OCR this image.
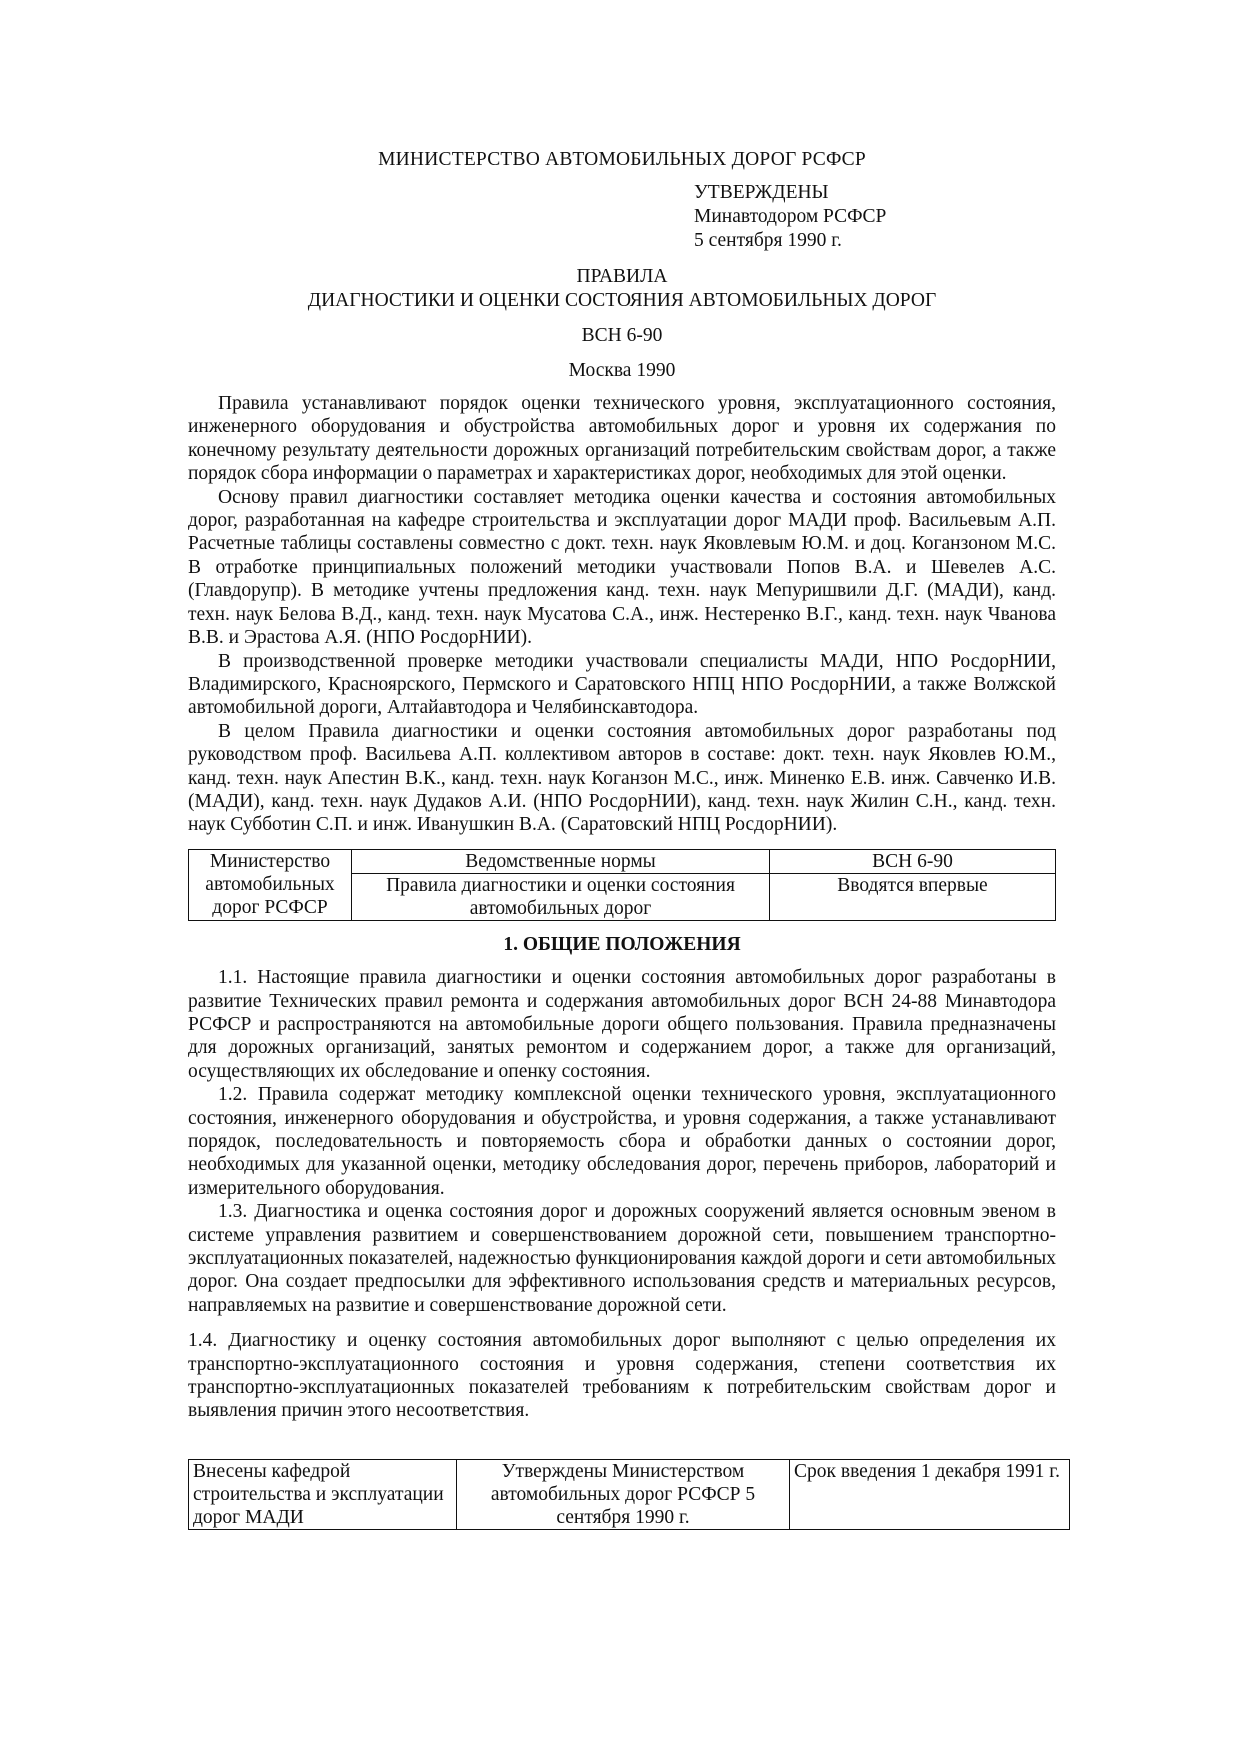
МИНИСТЕРСТВО АВТОМОБИЛЬНЫХ ДОРОГ РСФСР
УТВЕРЖДЕНЫ
Минавтодором РСФСР
5 сентября 1990 г.
ПРАВИЛА
ДИАГНОСТИКИ И ОЦЕНКИ СОСТОЯНИЯ АВТОМОБИЛЬНЫХ ДОРОГ
ВСН 6-90
Москва 1990

Правила устанавливают порядок оценки технического уровня, эксплуатационного состояния, инженерного оборудования и обустройства автомобильных дорог и уровня их содержания по конечному результату деятельности дорожных организаций потребительским свойствам дорог, а также порядок сбора информации о параметрах и характеристиках дорог, необходимых для этой оценки.

Основу правил диагностики составляет методика оценки качества и состояния автомобильных дорог, разработанная на кафедре строительства и эксплуатации дорог МАДИ проф. Васильевым А.П. Расчетные таблицы составлены совместно с докт. техн. наук Яковлевым Ю.М. и доц. Коганзоном М.С. В отработке принципиальных положений методики участвовали Попов В.А. и Шевелев А.С. (Главдорупр). В методике учтены предложения канд. техн. наук Мепуришвили Д.Г. (МАДИ), канд. техн. наук Белова В.Д., канд. техн. наук Мусатова С.А., инж. Нестеренко В.Г., канд. техн. наук Чванова В.В. и Эрастова А.Я. (НПО РосдорНИИ).

В производственной проверке методики участвовали специалисты МАДИ, НПО РосдорНИИ, Владимирского, Красноярского, Пермского и Саратовского НПЦ НПО РосдорНИИ, а также Волжской автомобильной дороги, Алтайавтодора и Челябинскавтодора.

В целом Правила диагностики и оценки состояния автомобильных дорог разработаны под руководством проф. Васильева А.П. коллективом авторов в составе: докт. техн. наук Яковлев Ю.М., канд. техн. наук Апестин В.К., канд. техн. наук Коганзон М.С., инж. Миненко Е.В. инж. Савченко И.В. (МАДИ), канд. техн. наук Дудаков А.И. (НПО РосдорНИИ), канд. техн. наук Жилин С.Н., канд. техн. наук Субботин С.П. и инж. Иванушкин В.А. (Саратовский НПЦ РосдорНИИ).

Министерство автомобильных дорог РСФСР	Ведомственные нормы	ВСН 6-90
	Правила диагностики и оценки состояния автомобильных дорог	Вводятся впервые
1. ОБЩИЕ ПОЛОЖЕНИЯ

1.1. Настоящие правила диагностики и оценки состояния автомобильных дорог разработаны в развитие Технических правил ремонта и содержания автомобильных дорог ВСН 24-88 Минавтодора РСФСР и распространяются на автомобильные дороги общего пользования. Правила предназначены для дорожных организаций, занятых ремонтом и содержанием дорог, а также для организаций, осуществляющих их обследование и опенку состояния.

1.2. Правила содержат методику комплексной оценки технического уровня, эксплуатационного состояния, инженерного оборудования и обустройства, и уровня содержания, а также устанавливают порядок, последовательность и повторяемость сбора и обработки данных о состоянии дорог, необходимых для указанной оценки, методику обследования дорог, перечень приборов, лабораторий и измерительного оборудования.

1.3. Диагностика и оценка состояния дорог и дорожных сооружений является основным эвеном в системе управления развитием и совершенствованием дорожной сети, повышением транспортно-эксплуатационных показателей, надежностью функционирования каждой дороги и сети автомобильных дорог. Она создает предпосылки для эффективного использования средств и материальных ресурсов, направляемых на развитие и совершенствование дорожной сети.

1.4. Диагностику и оценку состояния автомобильных дорог выполняют с целью определения их транспортно-эксплуатационного состояния и уровня содержания, степени соответствия их транспортно-эксплуатационных показателей требованиям к потребительским свойствам дорог и выявления причин этого несоответствия.

Внесены кафедрой строительства и эксплуатации дорог МАДИ	Утверждены Министерством автомобильных дорог РСФСР 5 сентября 1990 г.	Срок введения 1 декабря 1991 г.
